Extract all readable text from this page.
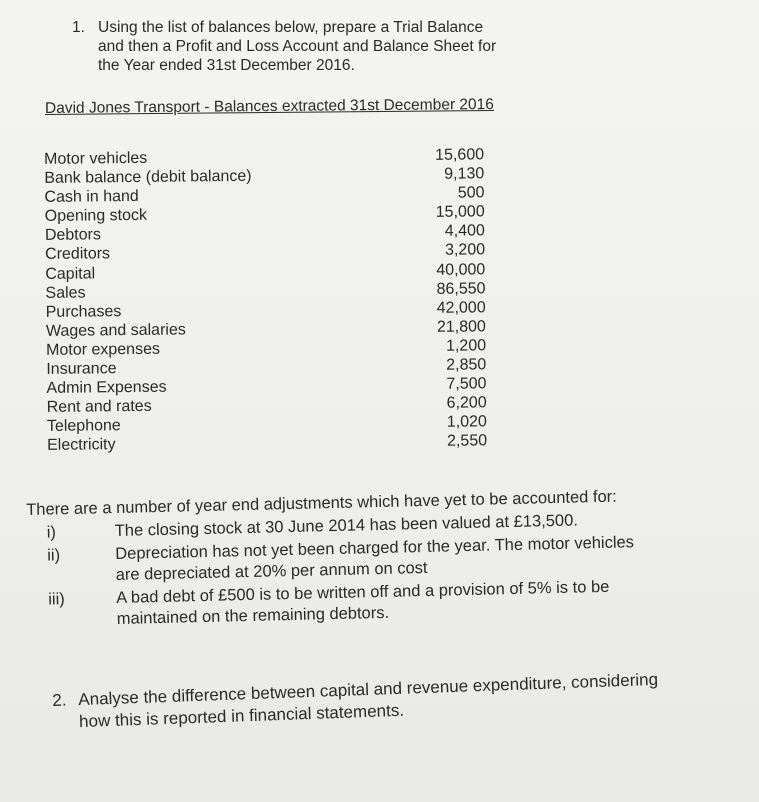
1. Using the list of balances below, prepare a Trial Balance
and then a Profit and Loss Account and Balance Sheet for
the Year ended 31st December 2016.
David Jones Transport - Balances extracted 31st December 2016
Motor vehicles	15,600
Bank balance (debit balance)	9,130
Cash in hand	500
Opening stock	15,000
Debtors	4,400
Creditors	3,200
Capital	40,000
Sales	86,550
Purchases	42,000
Wages and salaries	21,800
Motor expenses	1,200
Insurance	2,850
Admin Expenses	7,500
Rent and rates	6,200
Telephone	1,020
Electricity	2,550
There are a number of year end adjustments which have yet to be accounted for:
i)	The closing stock at 30 June 2014 has been valued at £13,500.
ii)	Depreciation has not yet been charged for the year. The motor vehicles
are depreciated at 20% per annum on cost
iii)	A bad debt of £500 is to be written off and a provision of 5% is to be
maintained on the remaining debtors.
2. Analyse the difference between capital and revenue expenditure, considering
how this is reported in financial statements.
